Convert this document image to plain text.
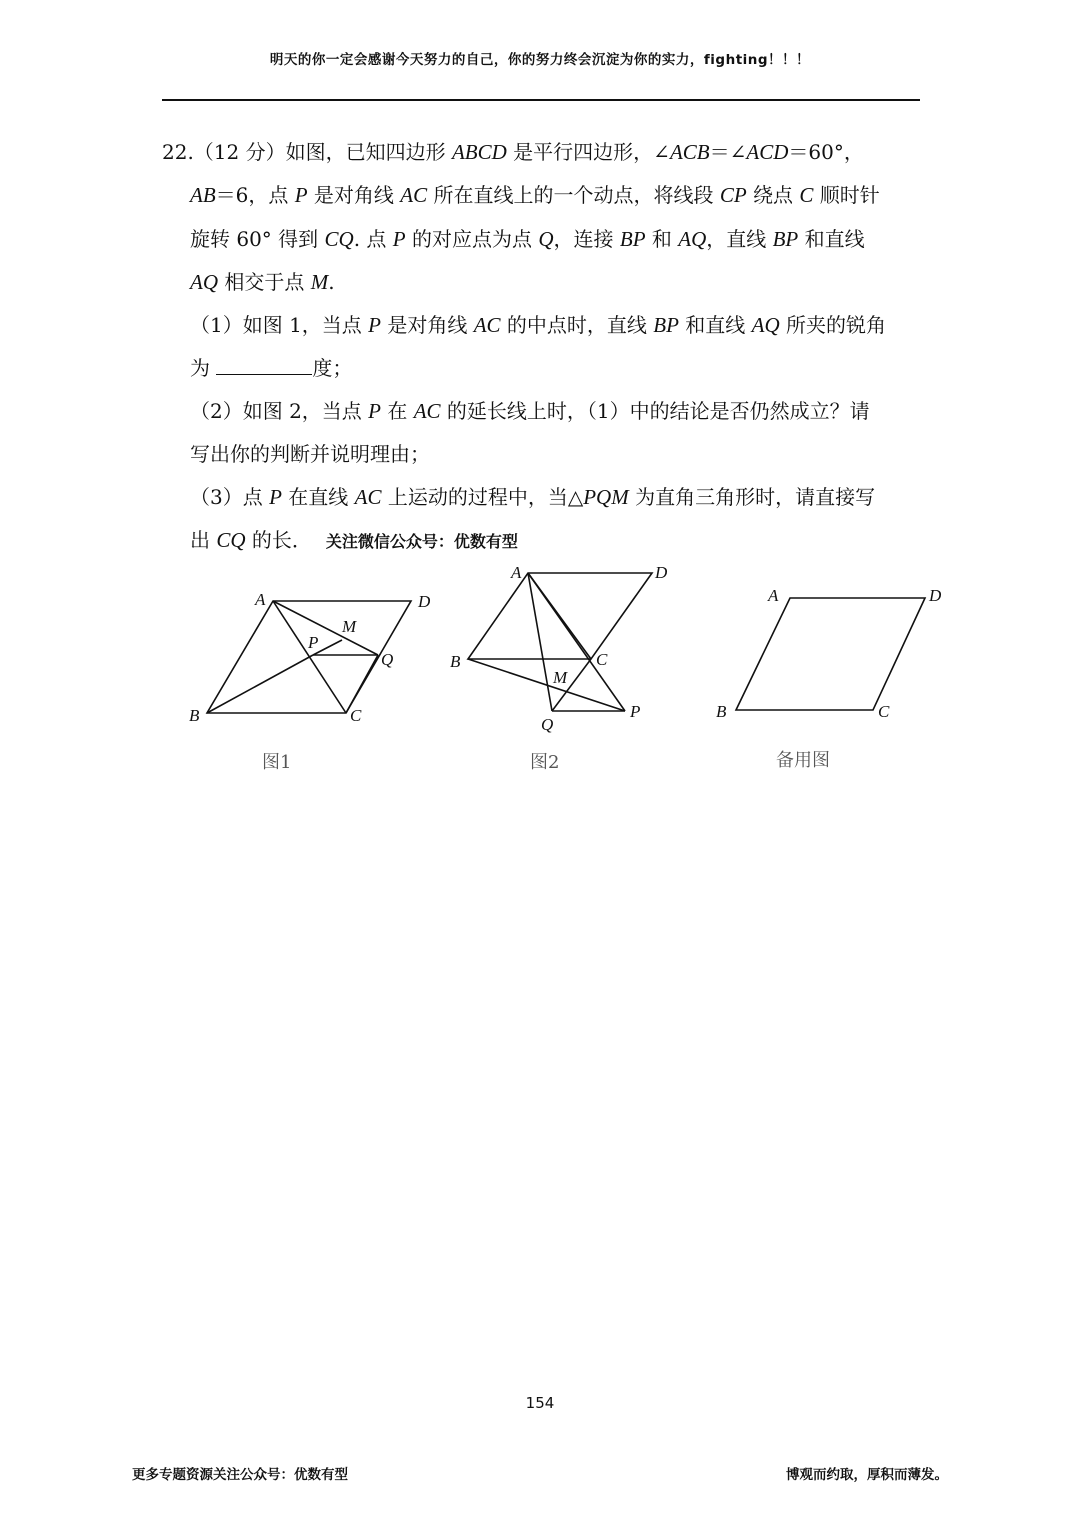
明天的你一定会感谢今天努力的自己，你的努力终会沉淀为你的实力，fighting！！！
22.（12 分）如图，已知四边形 ABCD 是平行四边形，∠ACB＝∠ACD＝60°，
AB＝6，点 P 是对角线 AC 所在直线上的一个动点，将线段 CP 绕点 C 顺时针
旋转 60° 得到 CQ. 点 P 的对应点为点 Q，连接 BP 和 AQ，直线 BP 和直线
AQ 相交于点 M.
（1）如图 1，当点 P 是对角线 AC 的中点时，直线 BP 和直线 AQ 所夹的锐角
为	度；
（2）如图 2，当点 P 在 AC 的延长线上时，（1）中的结论是否仍然成立？请
写出你的判断并说明理由；
（3）点 P 在直线 AC 上运动的过程中，当△PQM 为直角三角形时，请直接写
出 CQ 的长． 关注微信公众号：优数有型
A	D
B	C
P
M
Q
图1
A	D
B	C
M
Q
P
图2
A	D
B	C
备用图
154
更多专题资源关注公众号：优数有型	博观而约取，厚积而薄发。
